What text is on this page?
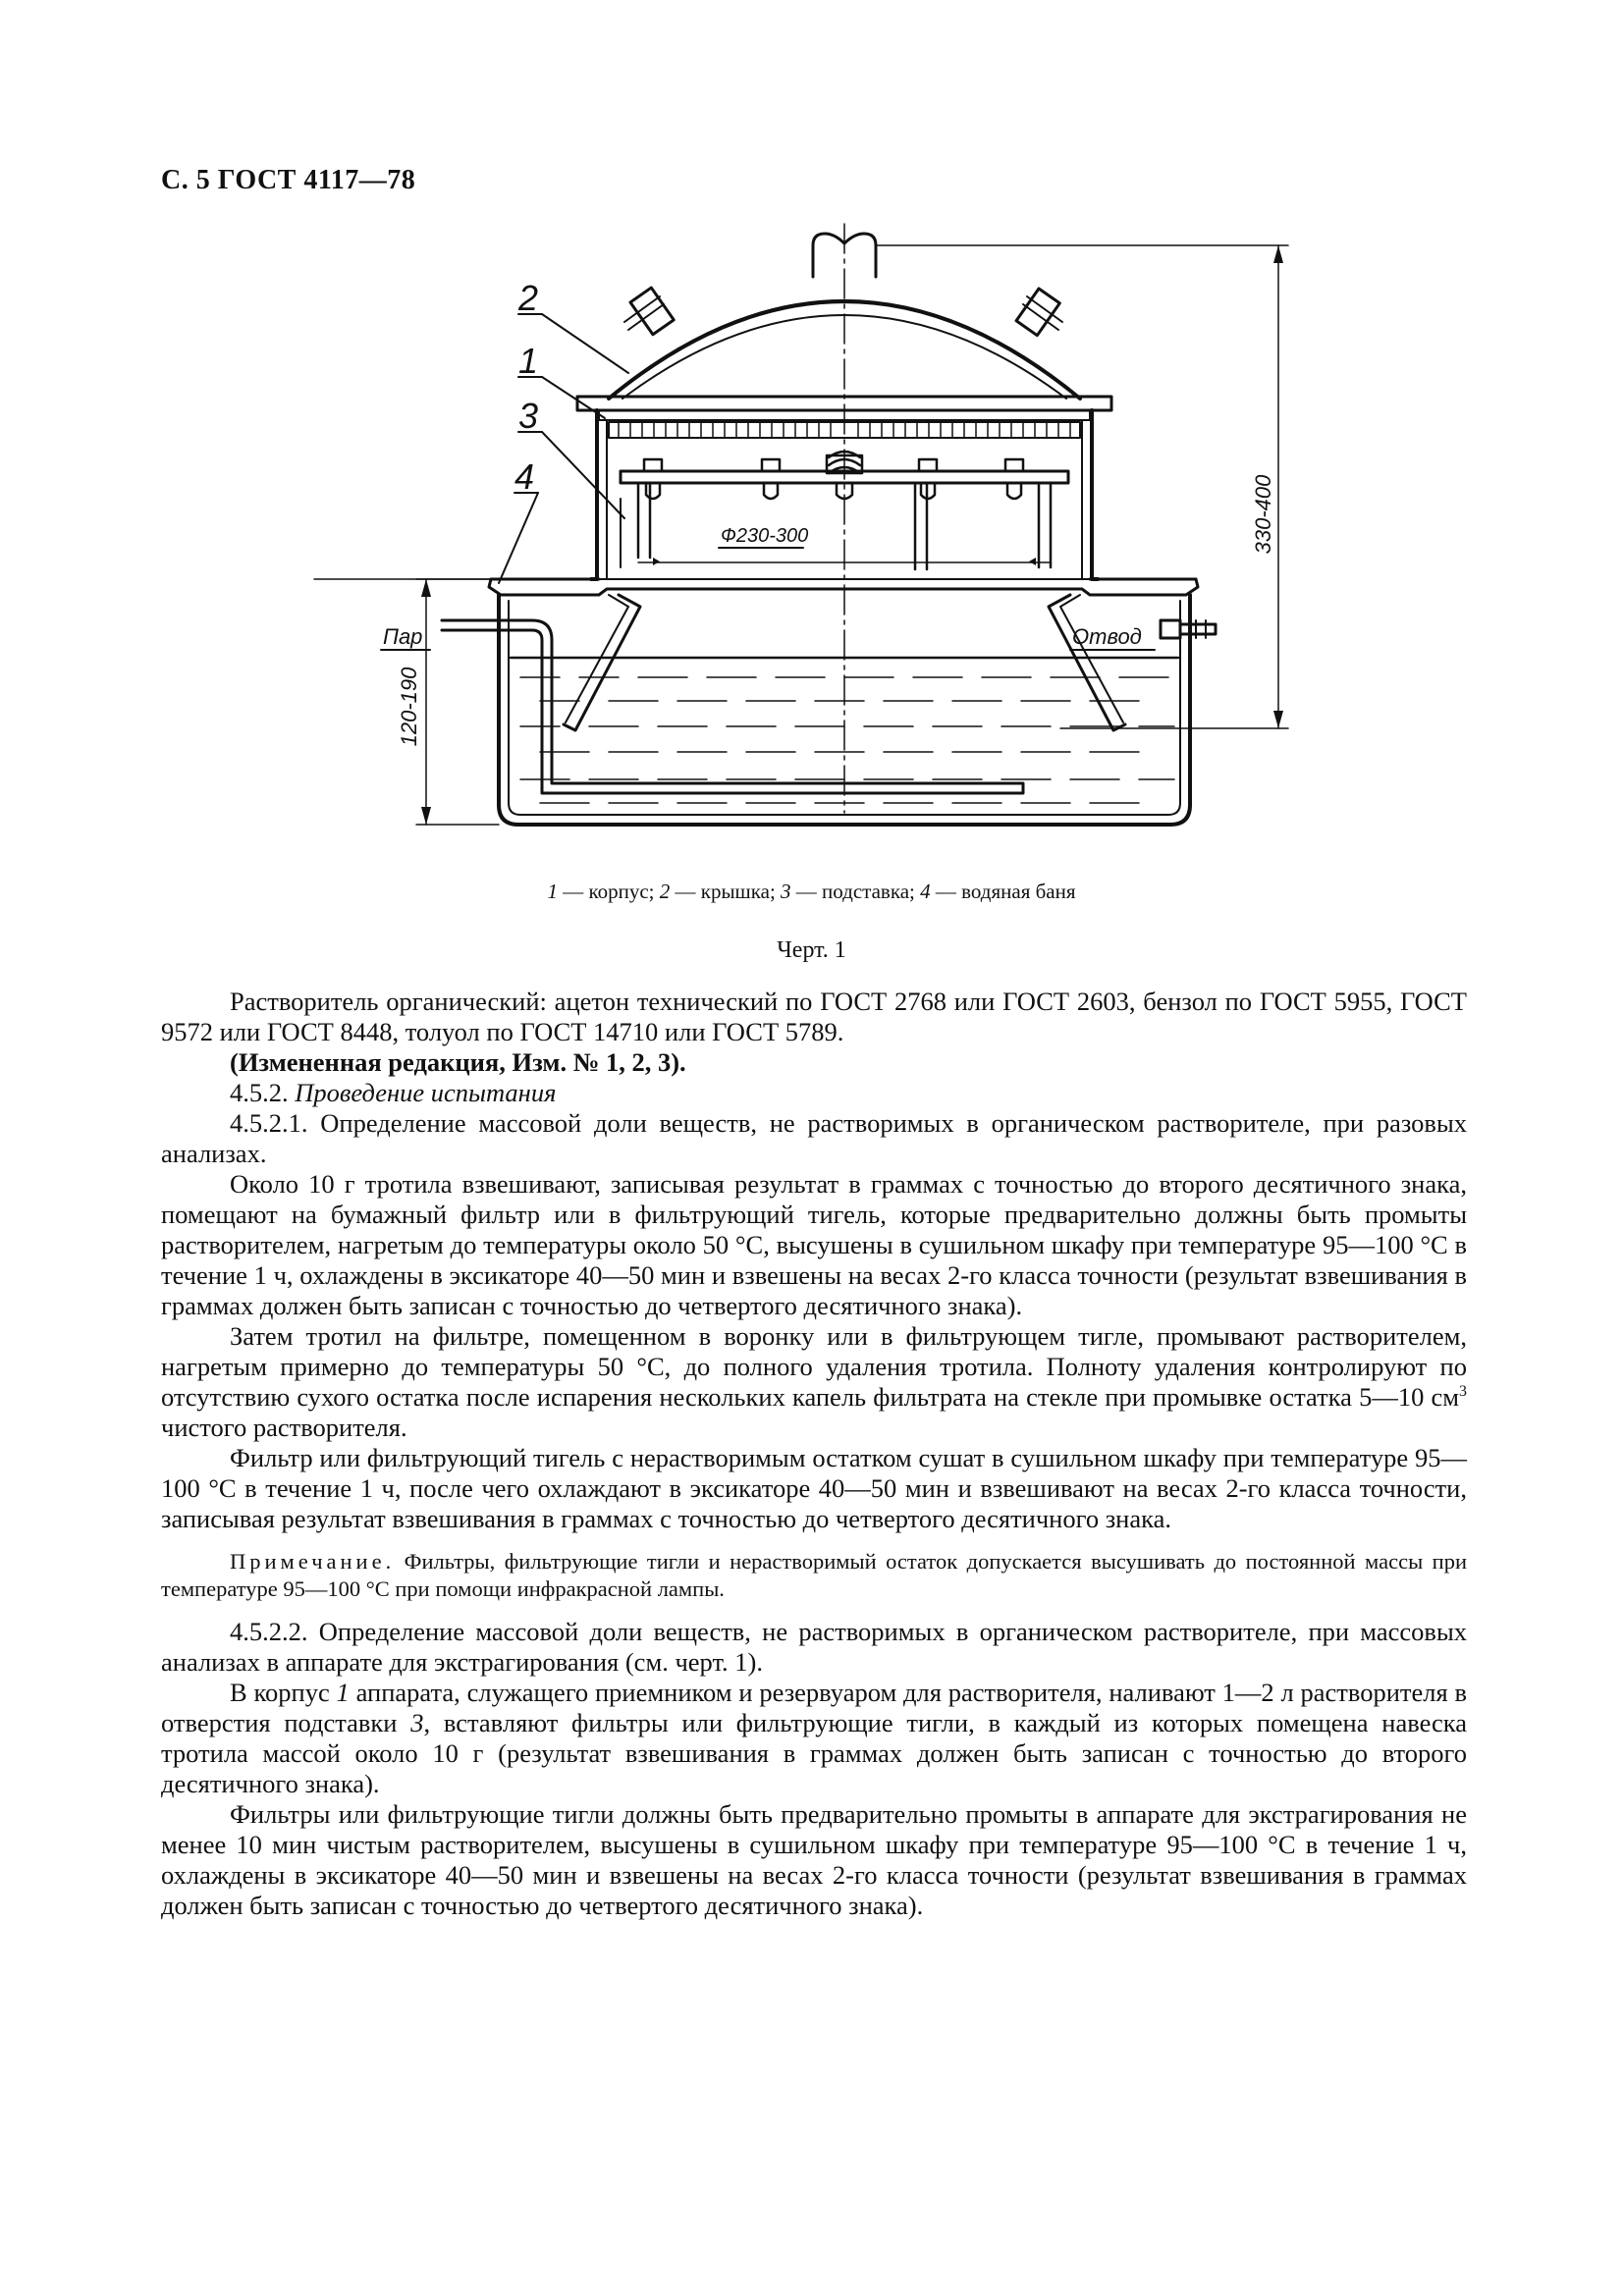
С. 5 ГОСТ 4117—78
2
1
3
4
Пар	Отвод
Ф230-300	330-400
120-190
1 — корпус; 2 — крышка; 3 — подставка; 4 — водяная баня
Черт. 1

Растворитель органический: ацетон технический по ГОСТ 2768 или ГОСТ 2603, бензол по ГОСТ 5955, ГОСТ 9572 или ГОСТ 8448, толуол по ГОСТ 14710 или ГОСТ 5789.

(Измененная редакция, Изм. № 1, 2, 3).

4.5.2. Проведение испытания

4.5.2.1. Определение массовой доли веществ, не растворимых в органическом растворителе, при разовых анализах.

Около 10 г тротила взвешивают, записывая результат в граммах с точностью до второго десятичного знака, помещают на бумажный фильтр или в фильтрующий тигель, которые предварительно должны быть промыты растворителем, нагретым до температуры около 50 °С, высушены в сушильном шкафу при температуре 95—100 °С в течение 1 ч, охлаждены в эксикаторе 40—50 мин и взвешены на весах 2-го класса точности (результат взвешивания в граммах должен быть записан с точностью до четвертого десятичного знака).

Затем тротил на фильтре, помещенном в воронку или в фильтрующем тигле, промывают растворителем, нагретым примерно до температуры 50 °С, до полного удаления тротила. Полноту удаления контролируют по отсутствию сухого остатка после испарения нескольких капель фильтрата на стекле при промывке остатка 5—10 $см^3$ чистого растворителя.

Фильтр или фильтрующий тигель с нерастворимым остатком сушат в сушильном шкафу при температуре 95—100 °С в течение 1 ч, после чего охлаждают в эксикаторе 40—50 мин и взвешивают на весах 2-го класса точности, записывая результат взвешивания в граммах с точностью до четвертого десятичного знака.

Примечание. Фильтры, фильтрующие тигли и нерастворимый остаток допускается высушивать до постоянной массы при температуре 95—100 °С при помощи инфракрасной лампы.

4.5.2.2. Определение массовой доли веществ, не растворимых в органическом растворителе, при массовых анализах в аппарате для экстрагирования (см. черт. 1).

В корпус 1 аппарата, служащего приемником и резервуаром для растворителя, наливают 1—2 л растворителя в отверстия подставки 3, вставляют фильтры или фильтрующие тигли, в каждый из которых помещена навеска тротила массой около 10 г (результат взвешивания в граммах должен быть записан с точностью до второго десятичного знака).

Фильтры или фильтрующие тигли должны быть предварительно промыты в аппарате для экстрагирования не менее 10 мин чистым растворителем, высушены в сушильном шкафу при температуре 95—100 °С в течение 1 ч, охлаждены в эксикаторе 40—50 мин и взвешены на весах 2-го класса точности (результат взвешивания в граммах должен быть записан с точностью до четвертого десятичного знака).
